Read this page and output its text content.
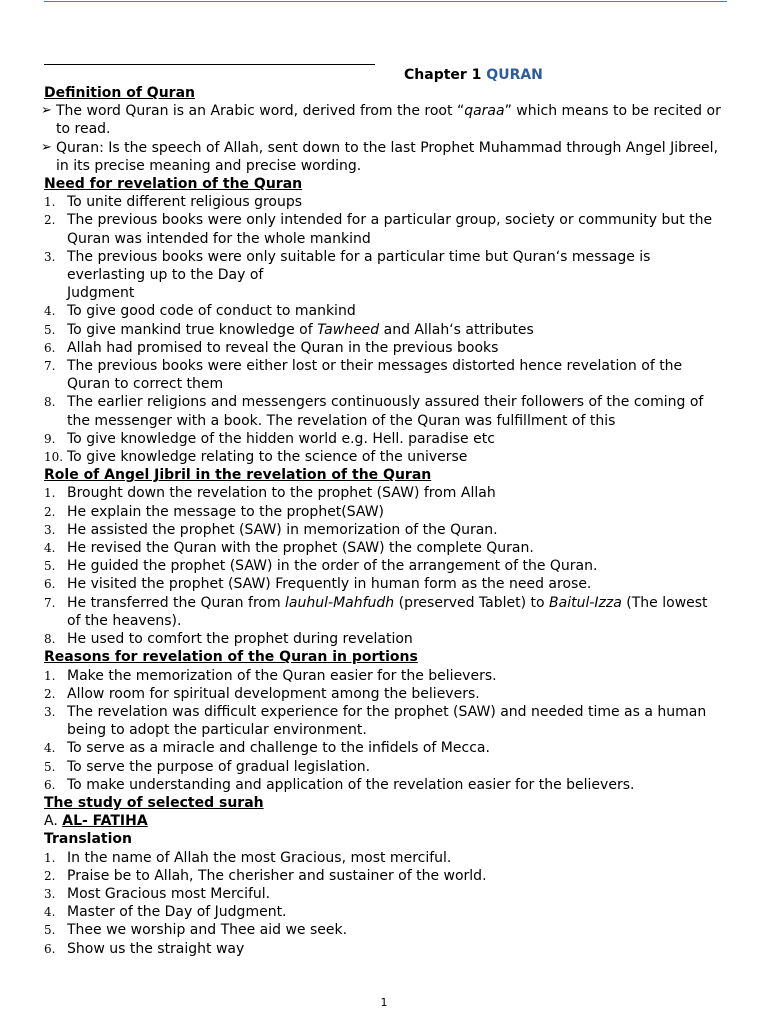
Chapter 1 QURAN
Definition of Quran
➢ The word Quran is an Arabic word, derived from the root “qaraa” which means to be recited or to read.
➢ Quran: Is the speech of Allah, sent down to the last Prophet Muhammad through Angel Jibreel, in its precise meaning and precise wording.
Need for revelation of the Quran
1. To unite different religious groups
2. The previous books were only intended for a particular group, society or community but the Quran was intended for the whole mankind
3. The previous books were only suitable for a particular time but Quran‘s message is everlasting up to the Day of
Judgment
4. To give good code of conduct to mankind
5. To give mankind true knowledge of Tawheed and Allah‘s attributes
6. Allah had promised to reveal the Quran in the previous books
7. The previous books were either lost or their messages distorted hence revelation of the Quran to correct them
8. The earlier religions and messengers continuously assured their followers of the coming of the messenger with a book. The revelation of the Quran was fulfillment of this
9. To give knowledge of the hidden world e.g. Hell. paradise etc
10. To give knowledge relating to the science of the universe
Role of Angel Jibril in the revelation of the Quran
1. Brought down the revelation to the prophet (SAW) from Allah
2. He explain the message to the prophet(SAW)
3. He assisted the prophet (SAW) in memorization of the Quran.
4. He revised the Quran with the prophet (SAW) the complete Quran.
5. He guided the prophet (SAW) in the order of the arrangement of the Quran.
6. He visited the prophet (SAW) Frequently in human form as the need arose.
7. He transferred the Quran from lauhul-Mahfudh (preserved Tablet) to Baitul-Izza (The lowest of the heavens).
8. He used to comfort the prophet during revelation
Reasons for revelation of the Quran in portions
1. Make the memorization of the Quran easier for the believers.
2. Allow room for spiritual development among the believers.
3. The revelation was difficult experience for the prophet (SAW) and needed time as a human being to adopt the particular environment.
4. To serve as a miracle and challenge to the infidels of Mecca.
5. To serve the purpose of gradual legislation.
6. To make understanding and application of the revelation easier for the believers.
The study of selected surah
A. AL- FATIHA
Translation
1. In the name of Allah the most Gracious, most merciful.
2. Praise be to Allah, The cherisher and sustainer of the world.
3. Most Gracious most Merciful.
4. Master of the Day of Judgment.
5. Thee we worship and Thee aid we seek.
6. Show us the straight way
1
